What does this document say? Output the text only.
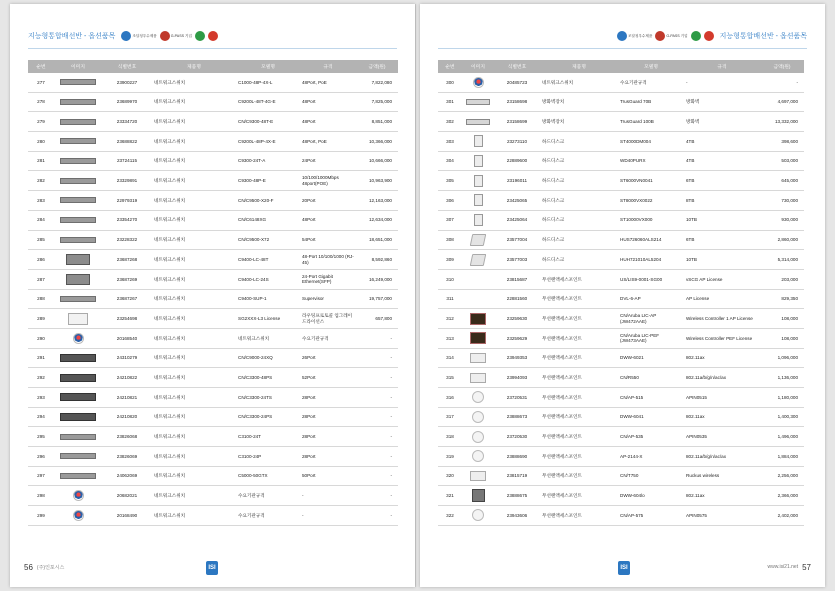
지능형통합배선반 - 옵션품목	조달청우수제품	G-PASS 기업
순번	이미지	식별번호	제품명	모델명	규격	금액(원)
277		23900227	네트워크스위치	C1000-48P-4X-L	48Port, PoE	7,822,080
278		23689970	네트워크스위치	C9200L-48T-4G-E	48Port	7,825,000
279		23334720	네트워크스위치	CN/C9300-48T-E	48Port	8,851,000
280		23688822	네트워크스위치	C9200L-48P-4X-E	48Port, PoE	10,366,000
281		23724115	네트워크스위치	C9300-24T-A	24Port	10,666,000
282		23329891	네트워크스위치	C9300-48P-E	10/100/1000Mbps 48port(POE)	10,963,900
283		22979319	네트워크스위치	CN/C9500-X20-F	20Port	12,163,000
284		23354270	네트워크스위치	CN/C6148XG	48Port	12,634,000
285		23228322	네트워크스위치	CN/C9500-X72	54Port	18,651,000
286		23687268	네트워크스위치	C9400-LC-48T	48-Port 10/100/1000 (RJ-45)	8,592,860
287		23687269	네트워크스위치	C9400-LC-24S	24-Port Gigabit Ethernet(SFP)	16,249,000
288		23687267	네트워크스위치	C9400-SUP-1	Supervisor	19,757,000
289		23254698	네트워크스위치	SG2XXX-L3 License	라우팅프로토콜 업그레이드라이선스	657,800
290		20168540	네트워크스위치	네트워크스위치	수요기관규격	-
291		24310279	네트워크스위치	CN/C9000-24XQ	26Port	-
292		24210822	네트워크스위치	CN/C3300-48PS	52Port	-
293		24210821	네트워크스위치	CN/C3300-24TS	28Port	-
294		24210820	네트워크스위치	CN/C3300-24PS	28Port	-
295		23826068	네트워크스위치	C3100-24T	28Port	-
296		23826069	네트워크스위치	C3100-24P	28Port	-
297		24062069	네트워크스위치	C5000-50GTX	50Port	-
298		20682021	네트워크스위치	수요기관규격	-	-
299		20168490	네트워크스위치	수요기관규격	-	-
56 (주)인포시스	ISI
지능형통합배선반 - 옵션품목
조달청우수제품	G-PASS 기업
순번	이미지	식별번호	제품명	모델명	규격	금액(원)
300		20485723	네트워크스위치	수요기관규격	-	-
301		23158698	방화벽장치	TrusGuard 70B	방화벽	4,697,000
302		23158699	방화벽장치	TrusGuard 100B	방화벽	13,332,000
303		23273110	하드디스크	ST4000DM004	4TB	398,600
304		22889600	하드디스크	WD40PURX	4TB	503,000
305		23196011	하드디스크	ST6000VN0041	6TB	645,000
306		23425065	하드디스크	ST8000VX0022	8TB	730,000
307		23425064	하드디스크	ST10000VX000	10TB	930,000
308		23577004	하드디스크	HUS726060ALS214	6TB	2,860,000
309		23577003	하드디스크	HUH721010AL5204	10TB	5,314,000
310		23815687	무선랜액세스포인트	US/LIS9-0001-SG00	vSCG AP License	203,000
311		22881560	무선랜액세스포인트	DVL-6-AP	AP License	829,350
312		23259630	무선랜액세스포인트	CN/Aruba LIC-AP (JW472AAE)	Wireless Controller 1 AP License	108,000
313		23259629	무선랜액세스포인트	CN/Aruba LIC-PEF (JW473AAE)	Wireless Controller PEF License	108,000
314		23949353	무선랜액세스포인트	DWW-6021	802.11ax	1,096,000
315		23994093	무선랜액세스포인트	CN/R550	802.11a/b/g/n/ac/ax	1,136,000
316		23720531	무선랜액세스포인트	CN/AP-515	APIN0515	1,180,000
317		23888673	무선랜액세스포인트	DWW-6041	802.11ax	1,400,300
318		23720530	무선랜액세스포인트	CN/AP-535	APIN0535	1,496,000
319		23888690	무선랜액세스포인트	AP-2144-X	802.11a/b/g/n/ac/ax	1,884,000
320		23815719	무선랜액세스포인트	CN/T750	Ruckus wireless	2,256,000
321		23888675	무선랜액세스포인트	DWW-604lo	802.11ax	2,366,000
322		23943606	무선랜액세스포인트	CN/AP-575	APIN0575	2,402,000
57
www.isi21.net
ISI
